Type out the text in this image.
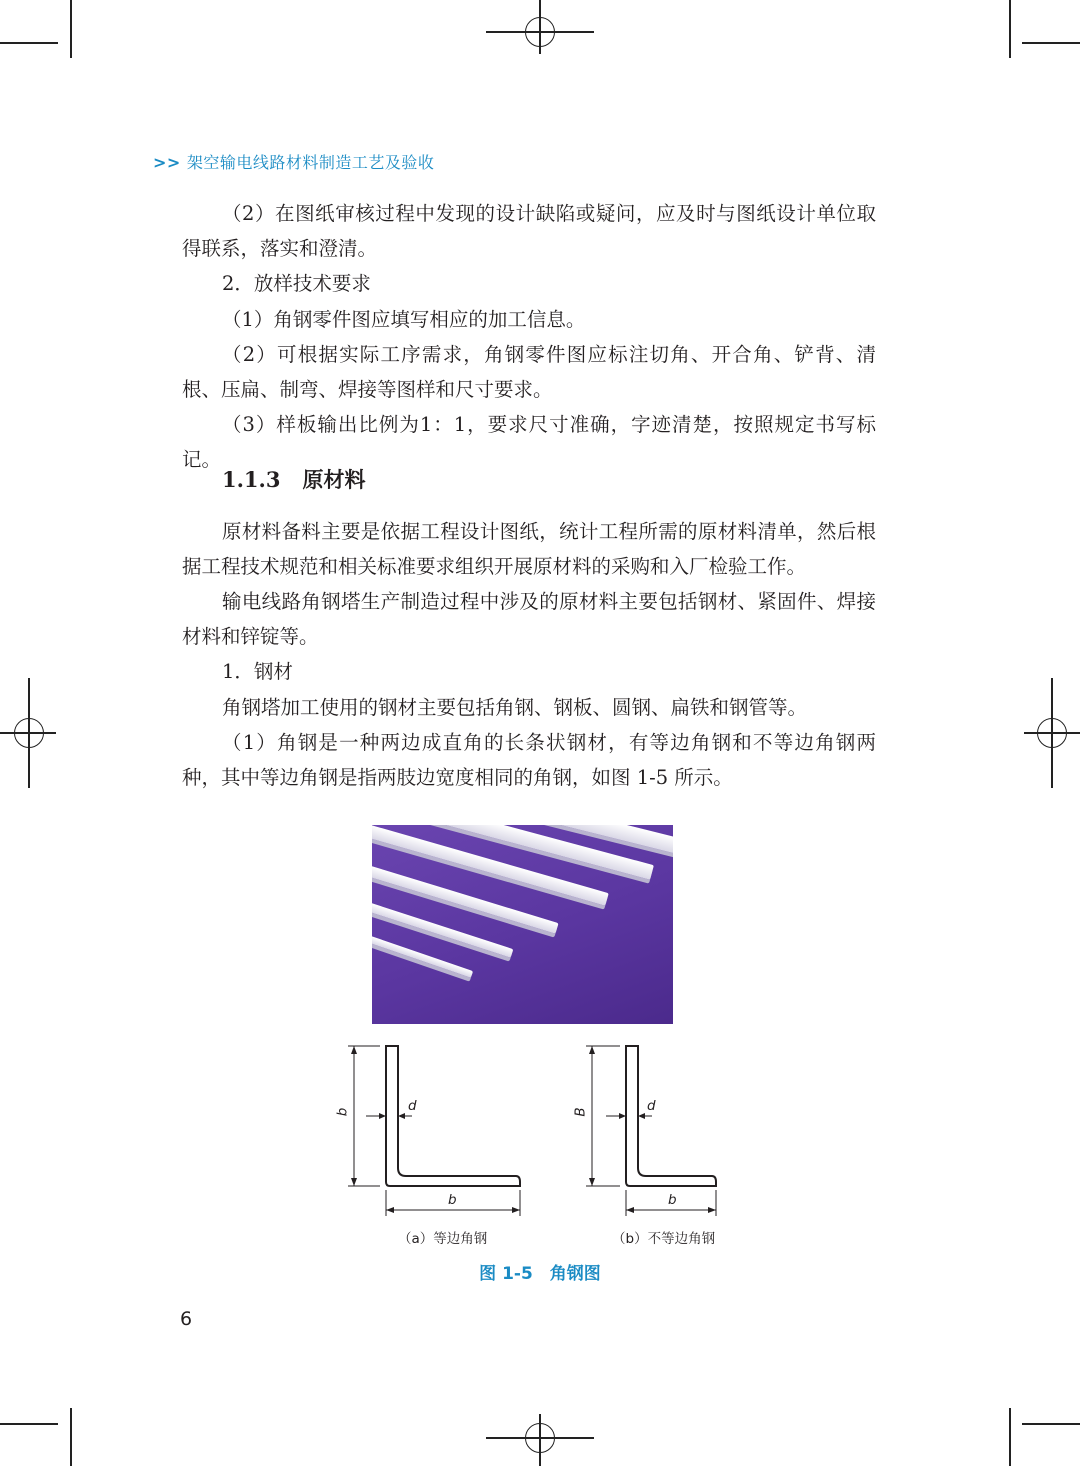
>> 架空输电线路材料制造工艺及验收

（2）在图纸审核过程中发现的设计缺陷或疑问，应及时与图纸设计单位取得联系，落实和澄清。

2．放样技术要求

（1）角钢零件图应填写相应的加工信息。

（2）可根据实际工序需求，角钢零件图应标注切角、开合角、铲背、清根、压扁、制弯、焊接等图样和尺寸要求。

（3）样板输出比例为1：1，要求尺寸准确，字迹清楚，按照规定书写标记。

1.1.3 原材料

原材料备料主要是依据工程设计图纸，统计工程所需的原材料清单，然后根据工程技术规范和相关标准要求组织开展原材料的采购和入厂检验工作。

输电线路角钢塔生产制造过程中涉及的原材料主要包括钢材、紧固件、焊接材料和锌锭等。

1．钢材

角钢塔加工使用的钢材主要包括角钢、钢板、圆钢、扁铁和钢管等。

（1）角钢是一种两边成直角的长条状钢材，有等边角钢和不等边角钢两种，其中等边角钢是指两肢边宽度相同的角钢，如图 1-5 所示。

b	d
b
（a）等边角钢
B	d
b
（b）不等边角钢
图 1-5　角钢图
6
